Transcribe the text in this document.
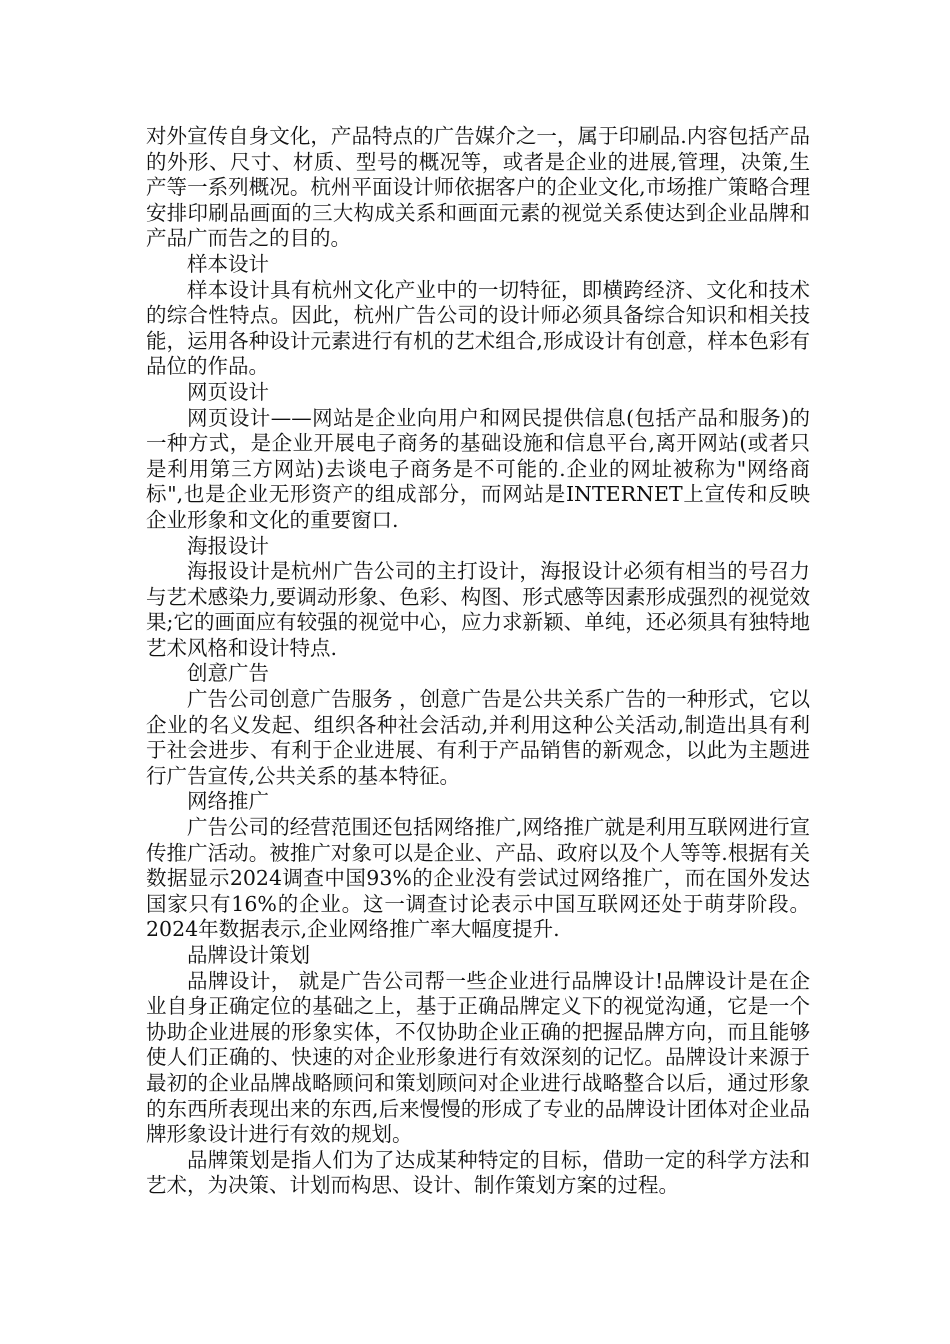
对外宣传自身文化，产品特点的广告媒介之一，属于印刷品.内容包括产品的外形、尺寸、材质、型号的概况等，或者是企业的进展,管理，决策,生产等一系列概况。杭州平面设计师依据客户的企业文化,市场推广策略合理安排印刷品画面的三大构成关系和画面元素的视觉关系使达到企业品牌和产品广而告之的目的。

样本设计

样本设计具有杭州文化产业中的一切特征，即横跨经济、文化和技术的综合性特点。因此，杭州广告公司的设计师必须具备综合知识和相关技能，运用各种设计元素进行有机的艺术组合,形成设计有创意，样本色彩有品位的作品。

网页设计

网页设计——网站是企业向用户和网民提供信息(包括产品和服务)的一种方式，是企业开展电子商务的基础设施和信息平台,离开网站(或者只是利用第三方网站)去谈电子商务是不可能的.企业的网址被称为"网络商标",也是企业无形资产的组成部分，而网站是INTERNET上宣传和反映企业形象和文化的重要窗口.

海报设计

海报设计是杭州广告公司的主打设计，海报设计必须有相当的号召力与艺术感染力,要调动形象、色彩、构图、形式感等因素形成强烈的视觉效果;它的画面应有较强的视觉中心，应力求新颖、单纯，还必须具有独特地艺术风格和设计特点.

创意广告

广告公司创意广告服务 ，创意广告是公共关系广告的一种形式，它以企业的名义发起、组织各种社会活动,并利用这种公关活动,制造出具有利于社会进步、有利于企业进展、有利于产品销售的新观念，以此为主题进行广告宣传,公共关系的基本特征。

网络推广

广告公司的经营范围还包括网络推广,网络推广就是利用互联网进行宣传推广活动。被推广对象可以是企业、产品、政府以及个人等等.根据有关数据显示2024调查中国93%的企业没有尝试过网络推广，而在国外发达国家只有16%的企业。这一调查讨论表示中国互联网还处于萌芽阶段。2024年数据表示,企业网络推广率大幅度提升.

品牌设计策划

品牌设计， 就是广告公司帮一些企业进行品牌设计!品牌设计是在企业自身正确定位的基础之上，基于正确品牌定义下的视觉沟通，它是一个协助企业进展的形象实体，不仅协助企业正确的把握品牌方向，而且能够使人们正确的、快速的对企业形象进行有效深刻的记忆。品牌设计来源于最初的企业品牌战略顾问和策划顾问对企业进行战略整合以后，通过形象的东西所表现出来的东西,后来慢慢的形成了专业的品牌设计团体对企业品牌形象设计进行有效的规划。

品牌策划是指人们为了达成某种特定的目标，借助一定的科学方法和艺术，为决策、计划而构思、设计、制作策划方案的过程。
